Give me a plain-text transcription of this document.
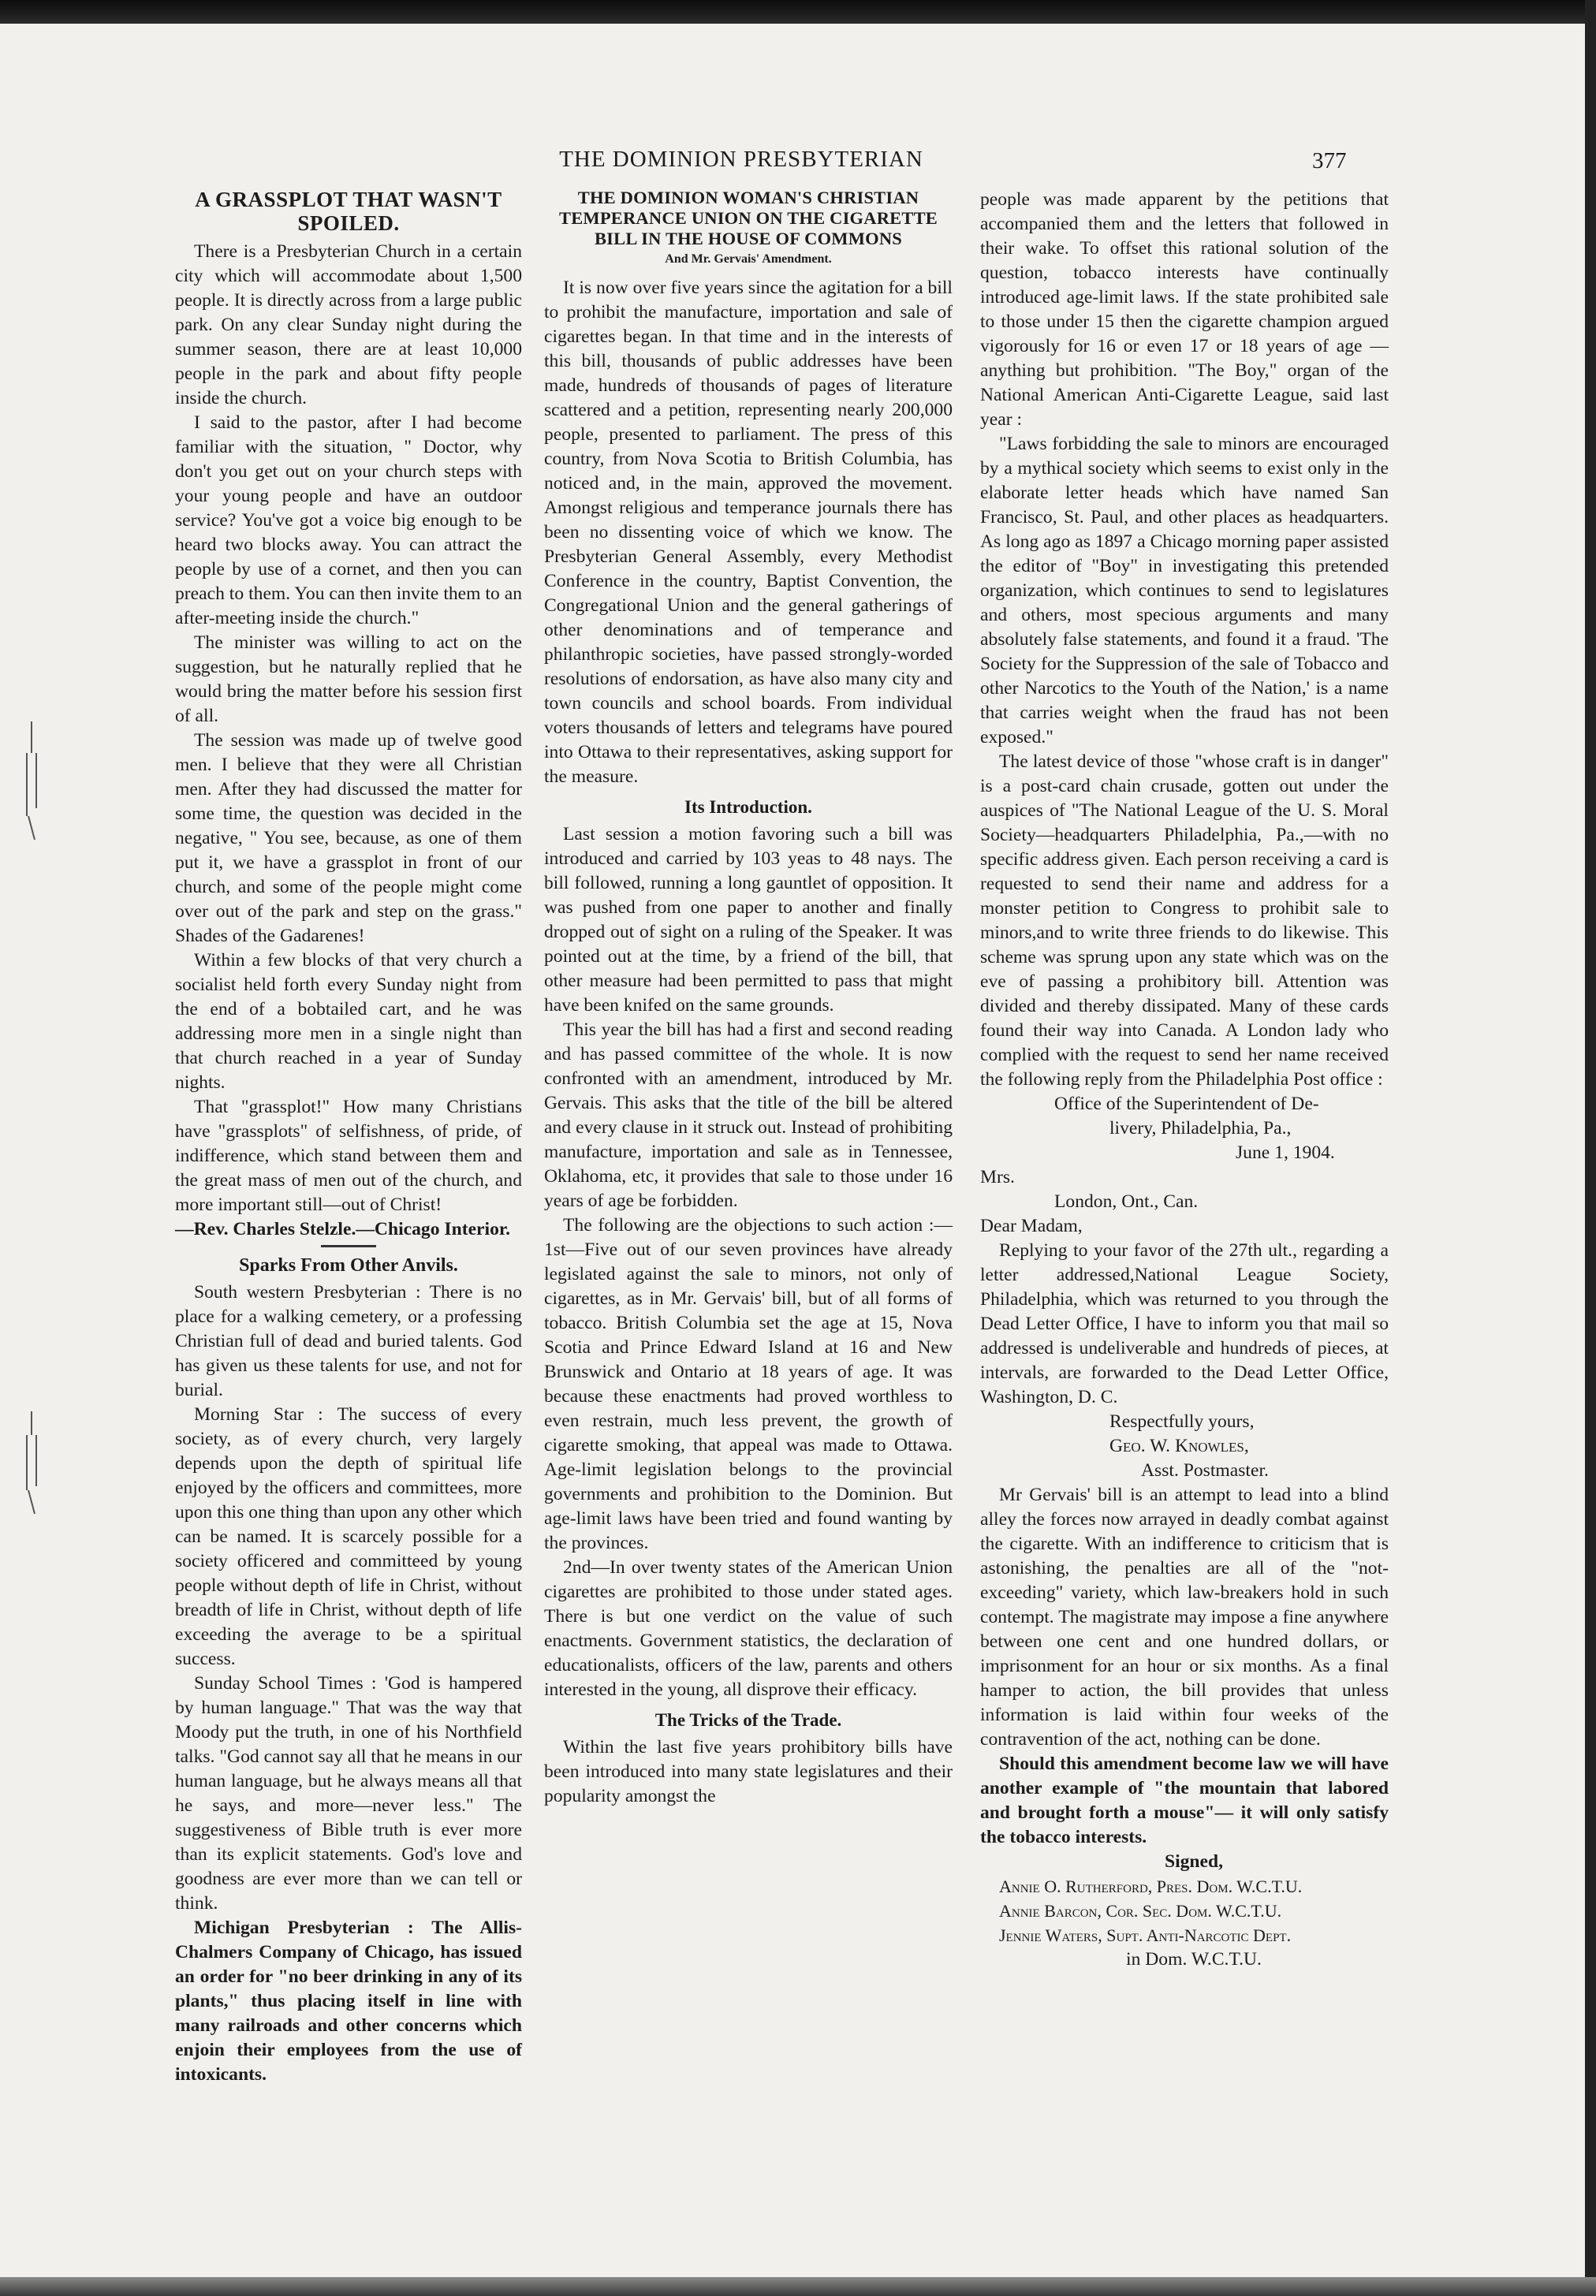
THE DOMINION PRESBYTERIAN	377
A GRASSPLOT THAT WASN'T SPOILED.

There is a Presbyterian Church in a certain city which will accommodate about 1,500 people. It is directly across from a large public park. On any clear Sunday night during the summer season, there are at least 10,000 people in the park and about fifty people inside the church.

I said to the pastor, after I had become familiar with the situation, " Doctor, why don't you get out on your church steps with your young people and have an outdoor service? You've got a voice big enough to be heard two blocks away. You can attract the people by use of a cornet, and then you can preach to them. You can then invite them to an after-meeting inside the church."

The minister was willing to act on the suggestion, but he naturally replied that he would bring the matter before his session first of all.

The session was made up of twelve good men. I believe that they were all Christian men. After they had discussed the matter for some time, the question was decided in the negative, " You see, because, as one of them put it, we have a grassplot in front of our church, and some of the people might come over out of the park and step on the grass." Shades of the Gadarenes!

Within a few blocks of that very church a socialist held forth every Sunday night from the end of a bobtailed cart, and he was addressing more men in a single night than that church reached in a year of Sunday nights.

That "grassplot!" How many Christians have "grassplots" of selfishness, of pride, of indifference, which stand between them and the great mass of men out of the church, and more important still—out of Christ!

—Rev. Charles Stelzle.—Chicago Interior.

Sparks From Other Anvils.

South western Presbyterian : There is no place for a walking cemetery, or a professing Christian full of dead and buried talents. God has given us these talents for use, and not for burial.

Morning Star : The success of every society, as of every church, very largely depends upon the depth of spiritual life enjoyed by the officers and committees, more upon this one thing than upon any other which can be named. It is scarcely possible for a society officered and committeed by young people without depth of life in Christ, without breadth of life in Christ, without depth of life exceeding the average to be a spiritual success.

Sunday School Times : 'God is hampered by human language." That was the way that Moody put the truth, in one of his Northfield talks. "God cannot say all that he means in our human language, but he always means all that he says, and more—never less." The suggestiveness of Bible truth is ever more than its explicit statements. God's love and goodness are ever more than we can tell or think.

Michigan Presbyterian : The Allis-Chalmers Company of Chicago, has issued an order for "no beer drinking in any of its plants," thus placing itself in line with many railroads and other concerns which enjoin their employees from the use of intoxicants.

THE DOMINION WOMAN'S CHRISTIAN TEMPERANCE UNION ON THE CIGARETTE BILL IN THE HOUSE OF COMMONS
And Mr. Gervais' Amendment.

It is now over five years since the agitation for a bill to prohibit the manufacture, importation and sale of cigarettes began. In that time and in the interests of this bill, thousands of public addresses have been made, hundreds of thousands of pages of literature scattered and a petition, representing nearly 200,000 people, presented to parliament. The press of this country, from Nova Scotia to British Columbia, has noticed and, in the main, approved the movement. Amongst religious and temperance journals there has been no dissenting voice of which we know. The Presbyterian General Assembly, every Methodist Conference in the country, Baptist Convention, the Congregational Union and the general gatherings of other denominations and of temperance and philanthropic societies, have passed strongly-worded resolutions of endorsation, as have also many city and town councils and school boards. From individual voters thousands of letters and telegrams have poured into Ottawa to their representatives, asking support for the measure.

Its Introduction.

Last session a motion favoring such a bill was introduced and carried by 103 yeas to 48 nays. The bill followed, running a long gauntlet of opposition. It was pushed from one paper to another and finally dropped out of sight on a ruling of the Speaker. It was pointed out at the time, by a friend of the bill, that other measure had been permitted to pass that might have been knifed on the same grounds.

This year the bill has had a first and second reading and has passed committee of the whole. It is now confronted with an amendment, introduced by Mr. Gervais. This asks that the title of the bill be altered and every clause in it struck out. Instead of prohibiting manufacture, importation and sale as in Tennessee, Oklahoma, etc, it provides that sale to those under 16 years of age be forbidden.

The following are the objections to such action :—1st—Five out of our seven provinces have already legislated against the sale to minors, not only of cigarettes, as in Mr. Gervais' bill, but of all forms of tobacco. British Columbia set the age at 15, Nova Scotia and Prince Edward Island at 16 and New Brunswick and Ontario at 18 years of age. It was because these enactments had proved worthless to even restrain, much less prevent, the growth of cigarette smoking, that appeal was made to Ottawa. Age-limit legislation belongs to the provincial governments and prohibition to the Dominion. But age-limit laws have been tried and found wanting by the provinces.

2nd—In over twenty states of the American Union cigarettes are prohibited to those under stated ages. There is but one verdict on the value of such enactments. Government statistics, the declaration of educationalists, officers of the law, parents and others interested in the young, all disprove their efficacy.

The Tricks of the Trade.

Within the last five years prohibitory bills have been introduced into many state legislatures and their popularity amongst the

people was made apparent by the petitions that accompanied them and the letters that followed in their wake. To offset this rational solution of the question, tobacco interests have continually introduced age-limit laws. If the state prohibited sale to those under 15 then the cigarette champion argued vigorously for 16 or even 17 or 18 years of age —anything but prohibition. "The Boy," organ of the National American Anti-Cigarette League, said last year :

"Laws forbidding the sale to minors are encouraged by a mythical society which seems to exist only in the elaborate letter heads which have named San Francisco, St. Paul, and other places as headquarters. As long ago as 1897 a Chicago morning paper assisted the editor of "Boy" in investigating this pretended organization, which continues to send to legislatures and others, most specious arguments and many absolutely false statements, and found it a fraud. 'The Society for the Suppression of the sale of Tobacco and other Narcotics to the Youth of the Nation,' is a name that carries weight when the fraud has not been exposed."

The latest device of those "whose craft is in danger" is a post-card chain crusade, gotten out under the auspices of "The National League of the U. S. Moral Society—headquarters Philadelphia, Pa.,—with no specific address given. Each person receiving a card is requested to send their name and address for a monster petition to Congress to prohibit sale to minors,and to write three friends to do likewise. This scheme was sprung upon any state which was on the eve of passing a prohibitory bill. Attention was divided and thereby dissipated. Many of these cards found their way into Canada. A London lady who complied with the request to send her name received the following reply from the Philadelphia Post office :

Office of the Superintendent of De-

livery, Philadelphia, Pa.,

June 1, 1904.

Mrs.

London, Ont., Can.

Dear Madam,

Replying to your favor of the 27th ult., regarding a letter addressed,National League Society, Philadelphia, which was returned to you through the Dead Letter Office, I have to inform you that mail so addressed is undeliverable and hundreds of pieces, at intervals, are forwarded to the Dead Letter Office, Washington, D. C.

Respectfully yours,

Geo. W. Knowles,

Asst. Postmaster.

Mr Gervais' bill is an attempt to lead into a blind alley the forces now arrayed in deadly combat against the cigarette. With an indifference to criticism that is astonishing, the penalties are all of the "not-exceeding" variety, which law-breakers hold in such contempt. The magistrate may impose a fine anywhere between one cent and one hundred dollars, or imprisonment for an hour or six months. As a final hamper to action, the bill provides that unless information is laid within four weeks of the contravention of the act, nothing can be done.

Should this amendment become law we will have another example of "the mountain that labored and brought forth a mouse"— it will only satisfy the tobacco interests.

Signed,

Annie O. Rutherford, Pres. Dom. W.C.T.U.

Annie Barcon, Cor. Sec. Dom. W.C.T.U.

Jennie Waters, Supt. Anti-Narcotic Dept.

in Dom. W.C.T.U.
